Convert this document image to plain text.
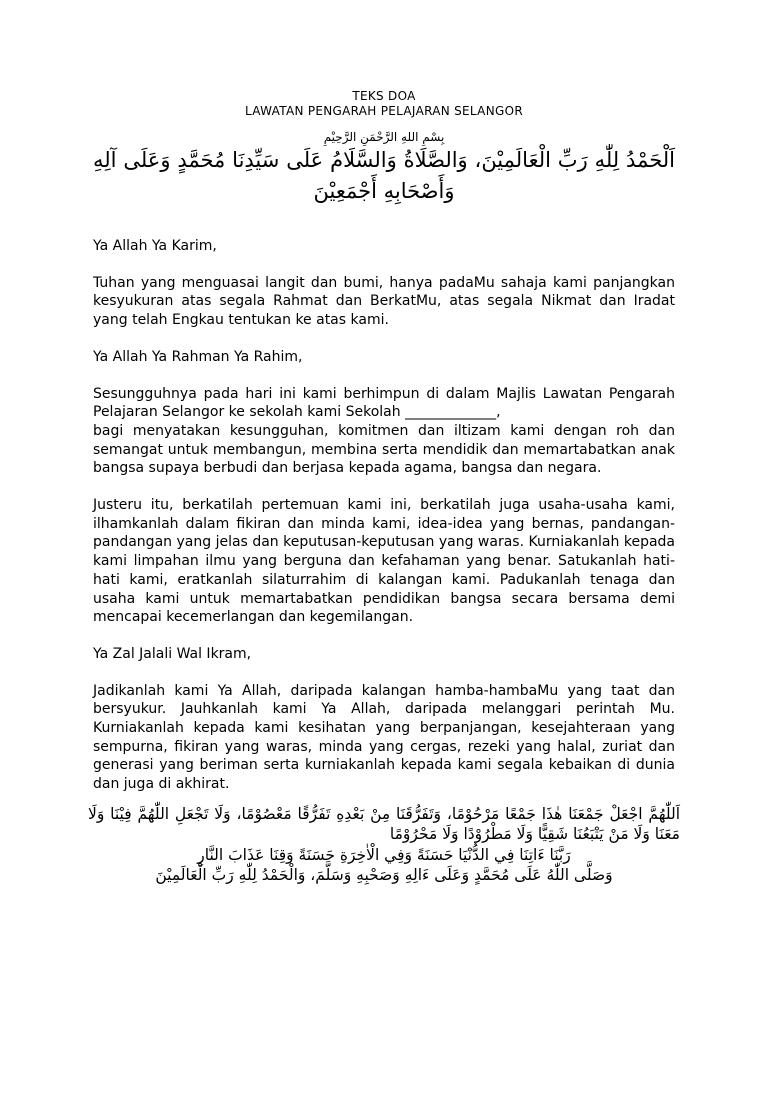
TEKS DOA
LAWATAN PENGARAH PELAJARAN SELANGOR
بِسْمِ اللهِ الرَّحْمَنِ الرَّحِيْمِ
اَلْحَمْدُ لِلّٰهِ رَبِّ الْعَالَمِيْنَ، وَالصَّلَاةُ وَالسَّلَامُ عَلَى سَيِّدِنَا مُحَمَّدٍ وَعَلَى آلِهِ وَأَصْحَابِهِ أَجْمَعِيْنَ

Ya Allah Ya Karim,

Tuhan yang menguasai langit dan bumi, hanya padaMu sahaja kami panjangkan kesyukuran atas segala Rahmat dan BerkatMu, atas segala Nikmat dan Iradat yang telah Engkau tentukan ke atas kami.

Ya Allah Ya Rahman Ya Rahim,

Sesungguhnya pada hari ini kami berhimpun di dalam Majlis Lawatan Pengarah Pelajaran Selangor ke sekolah kami Sekolah _____________,

bagi menyatakan kesungguhan, komitmen dan iltizam kami dengan roh dan semangat untuk membangun, membina serta mendidik dan memartabatkan anak bangsa supaya berbudi dan berjasa kepada agama, bangsa dan negara.

Justeru itu, berkatilah pertemuan kami ini, berkatilah juga usaha-usaha kami, ilhamkanlah dalam fikiran dan minda kami, idea-idea yang bernas, pandangan-pandangan yang jelas dan keputusan-keputusan yang waras. Kurniakanlah kepada kami limpahan ilmu yang berguna dan kefahaman yang benar. Satukanlah hati-hati kami, eratkanlah silaturrahim di kalangan kami. Padukanlah tenaga dan usaha kami untuk memartabatkan pendidikan bangsa secara bersama demi mencapai kecemerlangan dan kegemilangan.

Ya Zal Jalali Wal Ikram,

Jadikanlah kami Ya Allah, daripada kalangan hamba-hambaMu yang taat dan bersyukur. Jauhkanlah kami Ya Allah, daripada melanggari perintah Mu. Kurniakanlah kepada kami kesihatan yang berpanjangan, kesejahteraan yang sempurna, fikiran yang waras, minda yang cergas, rezeki yang halal, zuriat dan generasi yang beriman serta kurniakanlah kepada kami segala kebaikan di dunia dan juga di akhirat.

اَللّٰهُمَّ اجْعَلْ جَمْعَنَا هٰذَا جَمْعًا مَرْحُوْمًا، وَتَفَرُّقَنَا مِنْ بَعْدِهِ تَفَرُّقًا مَعْصُوْمًا، وَلَا تَجْعَلِ اللّٰهُمَّ فِيْنَا وَلَا مَعَنَا وَلَا مَنْ يَتْبَعُنَا شَقِيًّا وَلَا مَطْرُوْدًا وَلَا مَحْرُوْمًا
رَبَّنَا ءَاتِنَا فِي الدُّنْيَا حَسَنَةً وَفِي الْاٰخِرَةِ حَسَنَةً وَقِنَا عَذَابَ النَّارِ
وَصَلَّى اللّٰهُ عَلَى مُحَمَّدٍ وَعَلَى ءَالِهِ وَصَحْبِهِ وَسَلَّمَ، وَالْحَمْدُ لِلّٰهِ رَبِّ الْعَالَمِيْنَ
